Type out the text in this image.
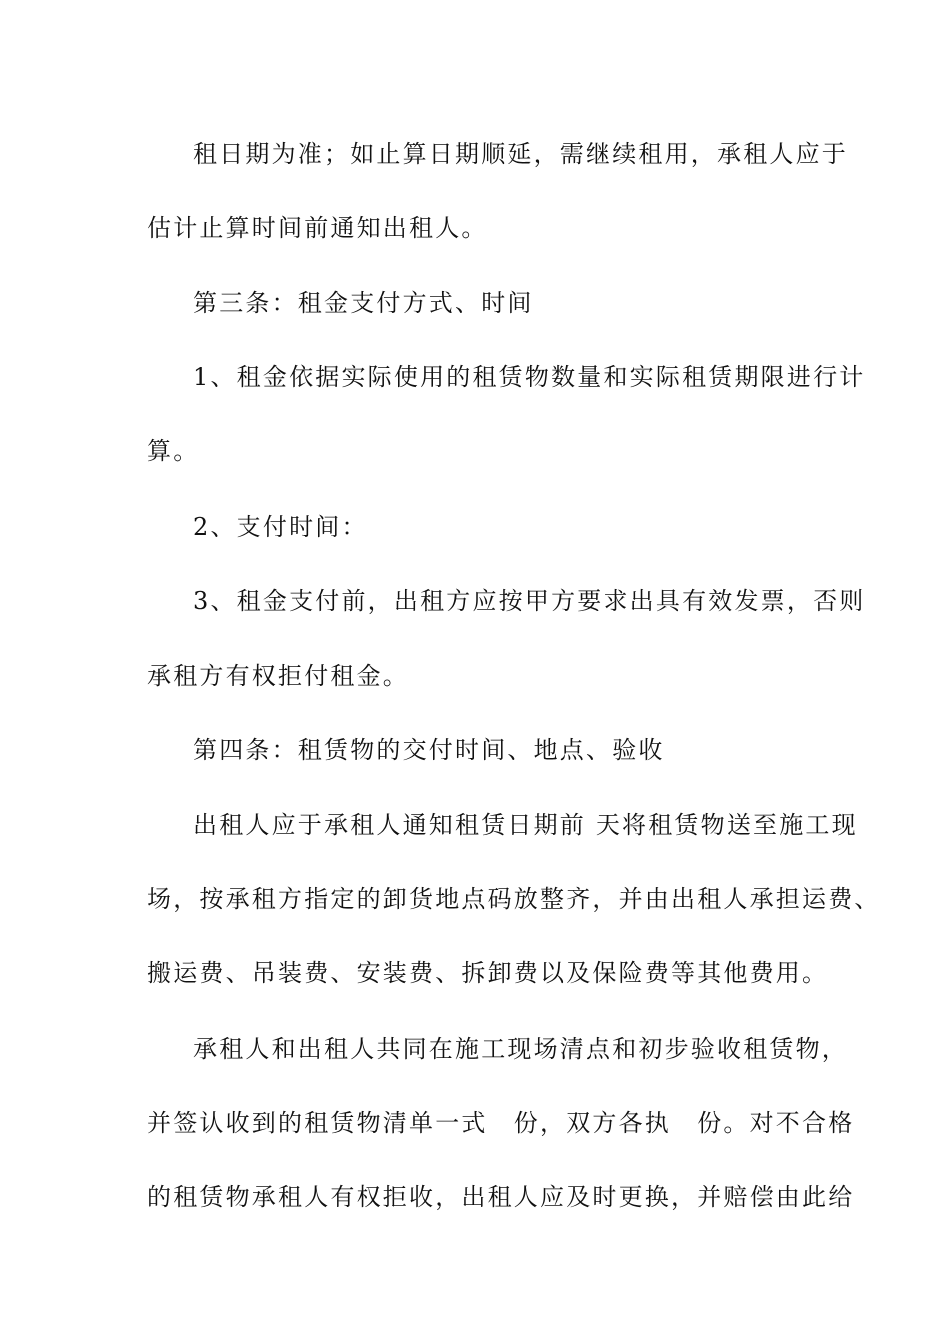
租日期为准；如止算日期顺延，需继续租用，承租人应于
估计止算时间前通知出租人。
第三条：租金支付方式、时间
1、租金依据实际使用的租赁物数量和实际租赁期限进行计
算。
2、支付时间：
3、租金支付前，出租方应按甲方要求出具有效发票，否则
承租方有权拒付租金。
第四条：租赁物的交付时间、地点、验收
出租人应于承租人通知租赁日期前 天将租赁物送至施工现
场，按承租方指定的卸货地点码放整齐，并由出租人承担运费、
搬运费、吊装费、安装费、拆卸费以及保险费等其他费用。
承租人和出租人共同在施工现场清点和初步验收租赁物，
并签认收到的租赁物清单一式　份，双方各执　份。对不合格
的租赁物承租人有权拒收，出租人应及时更换，并赔偿由此给
